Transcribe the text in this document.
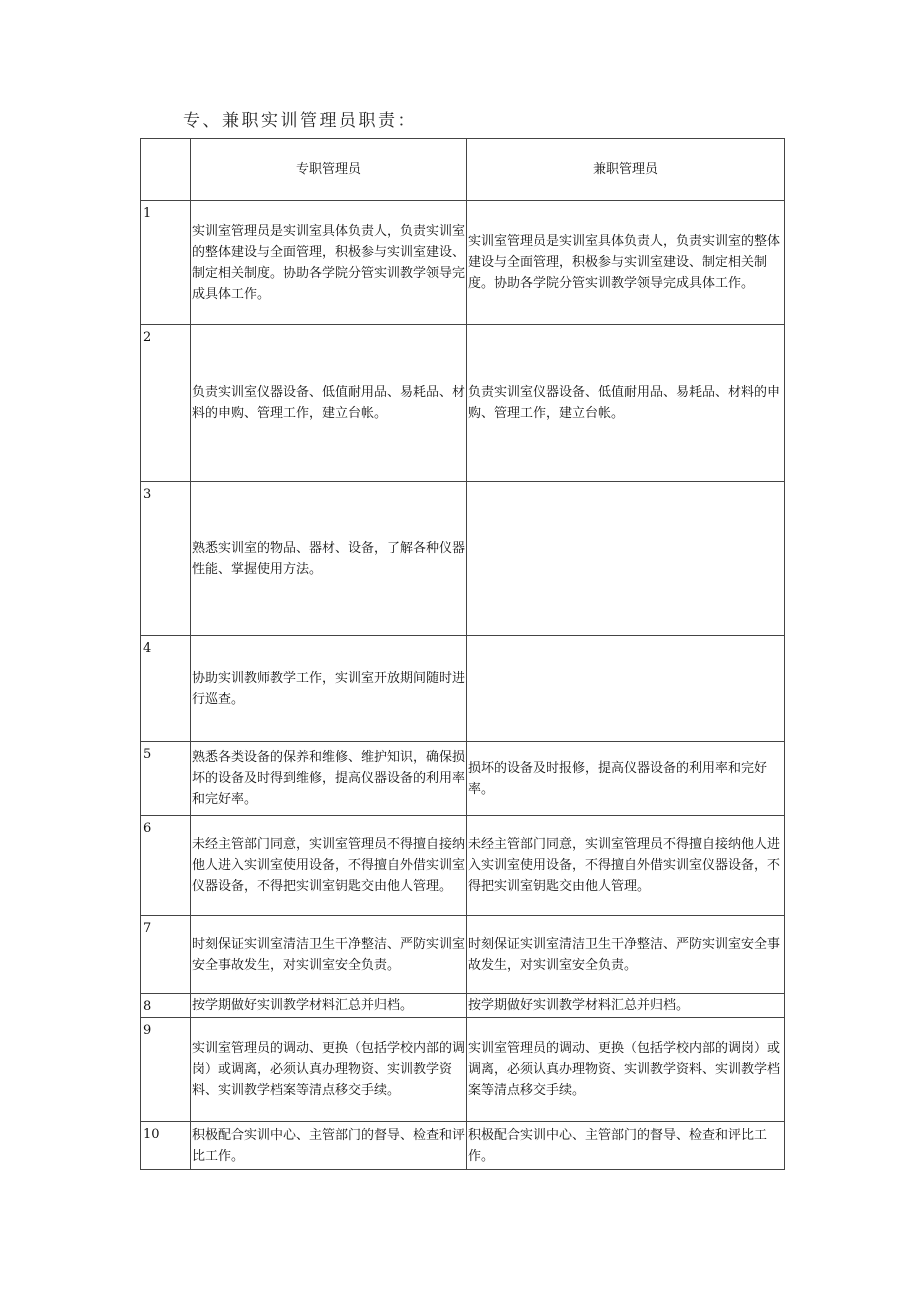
专、兼职实训管理员职责：
	专职管理员	兼职管理员
1	实训室管理员是实训室具体负责人，负责实训室的整体建设与全面管理，积极参与实训室建设、制定相关制度。协助各学院分管实训教学领导完成具体工作。	实训室管理员是实训室具体负责人，负责实训室的整体建设与全面管理，积极参与实训室建设、制定相关制度。协助各学院分管实训教学领导完成具体工作。
2	负责实训室仪器设备、低值耐用品、易耗品、材料的申购、管理工作，建立台帐。	负责实训室仪器设备、低值耐用品、易耗品、材料的申购、管理工作，建立台帐。
3	熟悉实训室的物品、器材、设备，了解各种仪器性能、掌握使用方法。	
4	协助实训教师教学工作，实训室开放期间随时进行巡查。	
5	熟悉各类设备的保养和维修、维护知识，确保损坏的设备及时得到维修，提高仪器设备的利用率和完好率。	损坏的设备及时报修，提高仪器设备的利用率和完好率。
6	未经主管部门同意，实训室管理员不得擅自接纳他人进入实训室使用设备，不得擅自外借实训室仪器设备，不得把实训室钥匙交由他人管理。	未经主管部门同意，实训室管理员不得擅自接纳他人进入实训室使用设备，不得擅自外借实训室仪器设备，不得把实训室钥匙交由他人管理。
7	时刻保证实训室清洁卫生干净整洁、严防实训室安全事故发生，对实训室安全负责。	时刻保证实训室清洁卫生干净整洁、严防实训室安全事故发生，对实训室安全负责。
8	按学期做好实训教学材料汇总并归档。	按学期做好实训教学材料汇总并归档。
9	实训室管理员的调动、更换（包括学校内部的调岗）或调离，必须认真办理物资、实训教学资料、实训教学档案等清点移交手续。	实训室管理员的调动、更换（包括学校内部的调岗）或调离，必须认真办理物资、实训教学资料、实训教学档案等清点移交手续。
10	积极配合实训中心、主管部门的督导、检查和评比工作。	积极配合实训中心、主管部门的督导、检查和评比工作。
